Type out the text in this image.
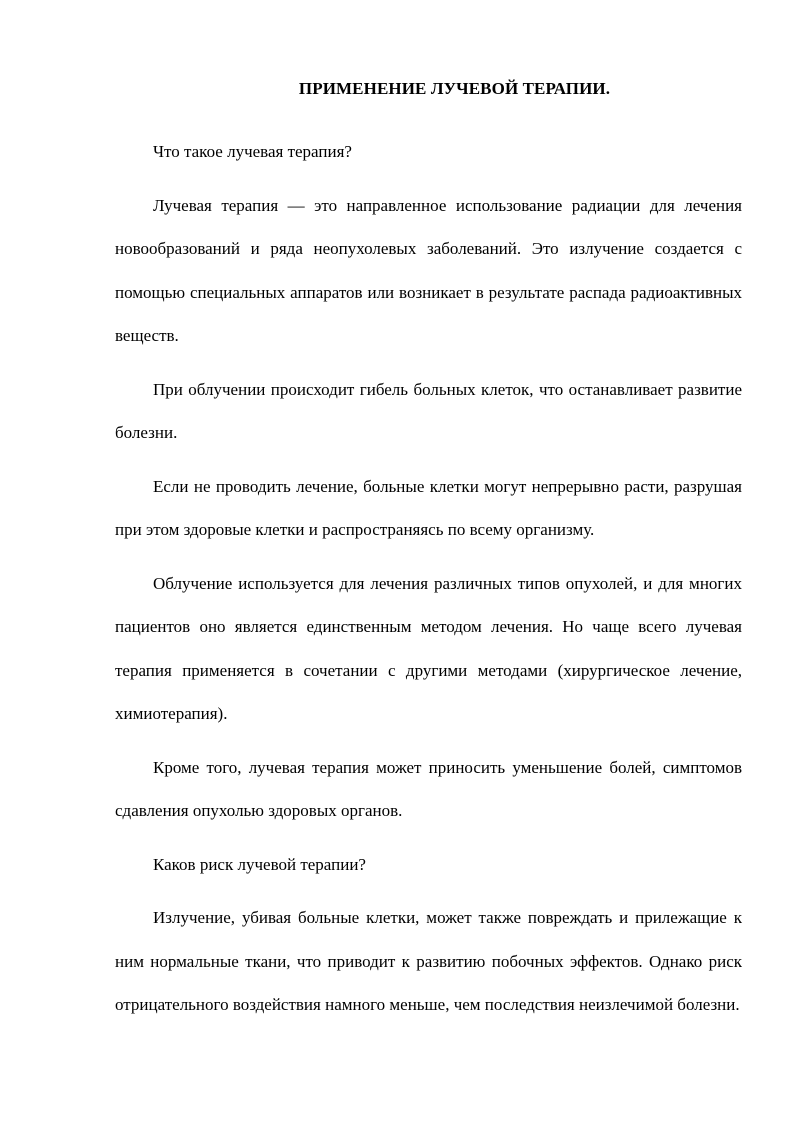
ПРИМЕНЕНИЕ ЛУЧЕВОЙ ТЕРАПИИ.

Что такое лучевая терапия?

Лучевая терапия — это направленное использование радиации для лечения новообразований и ряда неопухолевых заболеваний. Это излучение создается с помощью специальных аппаратов или возникает в результате распада радиоактивных веществ.

При облучении происходит гибель больных клеток, что останавливает развитие болезни.

Если не проводить лечение, больные клетки могут непрерывно расти, разрушая при этом здоровые клетки и распространяясь по всему организму.

Облучение используется для лечения различных типов опухолей, и для многих пациентов оно является единственным методом лечения. Но чаще всего лучевая терапия применяется в сочетании с другими методами (хирургическое лечение, химиотерапия).

Кроме того, лучевая терапия может приносить уменьшение болей, симптомов сдавления опухолью здоровых органов.

Каков риск лучевой терапии?

Излучение, убивая больные клетки, может также повреждать и прилежащие к ним нормальные ткани, что приводит к развитию побочных эффектов. Однако риск отрицательного воздействия намного меньше, чем последствия неизлечимой болезни.
